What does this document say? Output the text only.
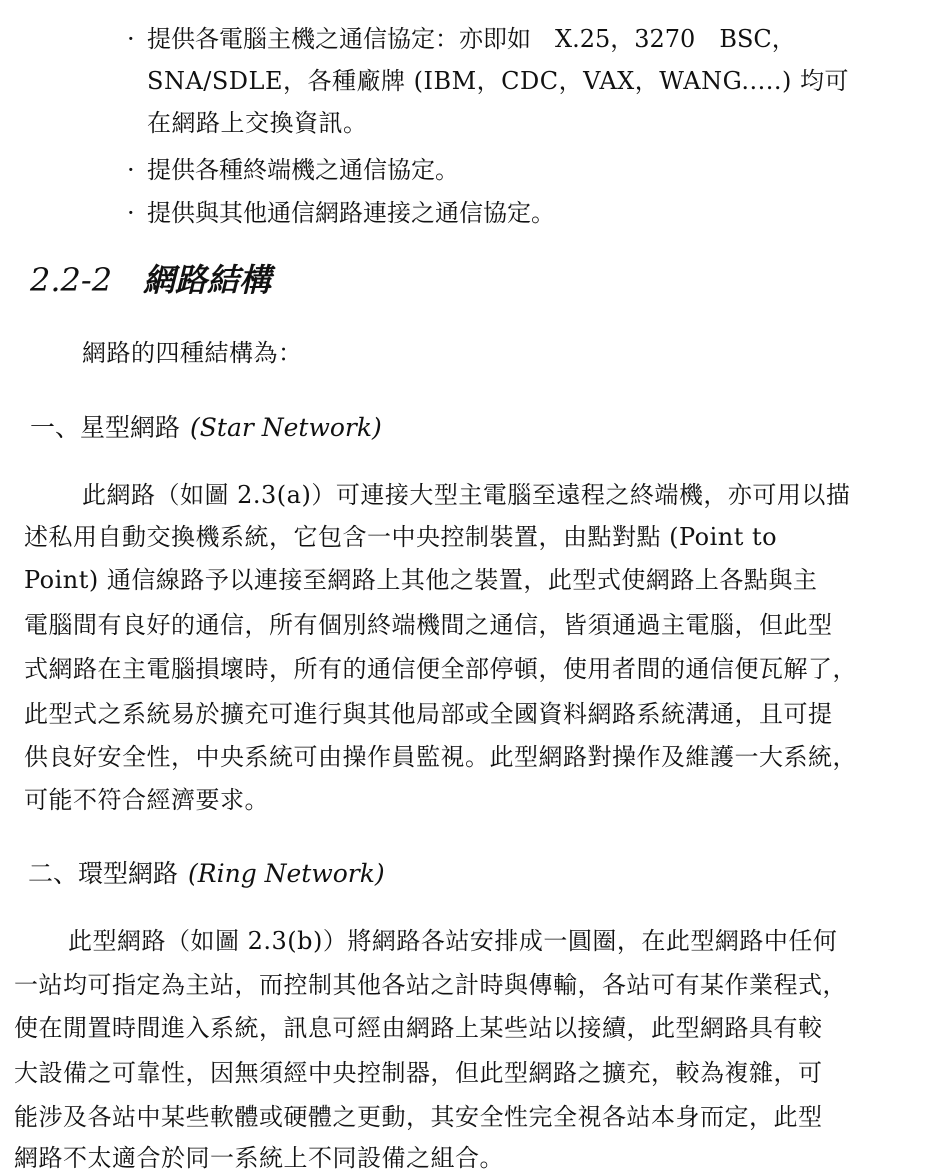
· 提供各電腦主機之通信協定：亦即如　X.25，3270　BSC，
SNA/SDLE，各種廠牌 (IBM，CDC，VAX，WANG.....) 均可
在網路上交換資訊。
· 提供各種終端機之通信協定。
· 提供與其他通信網路連接之通信協定。
2.2-2 網路結構
網路的四種結構為：
一、星型網路 (Star Network)
此網路（如圖 2.3(a)）可連接大型主電腦至遠程之終端機，亦可用以描
述私用自動交換機系統，它包含一中央控制裝置，由點對點 (Point to
Point) 通信線路予以連接至網路上其他之裝置，此型式使網路上各點與主
電腦間有良好的通信，所有個別終端機間之通信，皆須通過主電腦，但此型
式網路在主電腦損壞時，所有的通信便全部停頓，使用者間的通信便瓦解了，
此型式之系統易於擴充可進行與其他局部或全國資料網路系統溝通，且可提
供良好安全性，中央系統可由操作員監視。此型網路對操作及維護一大系統，
可能不符合經濟要求。
二、環型網路 (Ring Network)
此型網路（如圖 2.3(b)）將網路各站安排成一圓圈，在此型網路中任何
一站均可指定為主站，而控制其他各站之計時與傳輸，各站可有某作業程式，
使在閒置時間進入系統，訊息可經由網路上某些站以接續，此型網路具有較
大設備之可靠性，因無須經中央控制器，但此型網路之擴充，較為複雜，可
能涉及各站中某些軟體或硬體之更動，其安全性完全視各站本身而定，此型
網路不太適合於同一系統上不同設備之組合。
